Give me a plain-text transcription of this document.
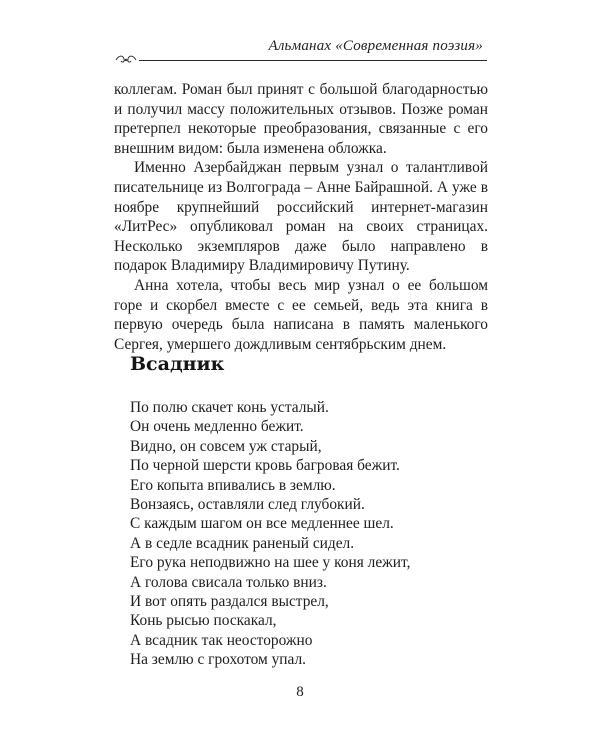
Альманах «Современная поэзия»

коллегам. Роман был принят с большой благодарностью и получил массу положительных отзывов. Позже роман претерпел некоторые преобразования, связанные с его внешним видом: была изменена обложка.

Именно Азербайджан первым узнал о талантливой писательнице из Волгограда – Анне Байрашной. А уже в ноябре крупнейший российский интернет-магазин «ЛитРес» опубликовал роман на своих страницах. Несколько экземпляров даже было направлено в подарок Владимиру Владимировичу Путину.

Анна хотела, чтобы весь мир узнал о ее большом горе и скорбел вместе с ее семьей, ведь эта книга в первую очередь была написана в память маленького Сергея, умершего дождливым сентябрьским днем.

Всадник
По полю скачет конь усталый.
Он очень медленно бежит.
Видно, он совсем уж старый,
По черной шерсти кровь багровая бежит.
Его копыта впивались в землю.
Вонзаясь, оставляли след глубокий.
С каждым шагом он все медленнее шел.
А в седле всадник раненый сидел.
Его рука неподвижно на шее у коня лежит,
А голова свисала только вниз.
И вот опять раздался выстрел,
Конь рысью поскакал,
А всадник так неосторожно
На землю с грохотом упал.
8
